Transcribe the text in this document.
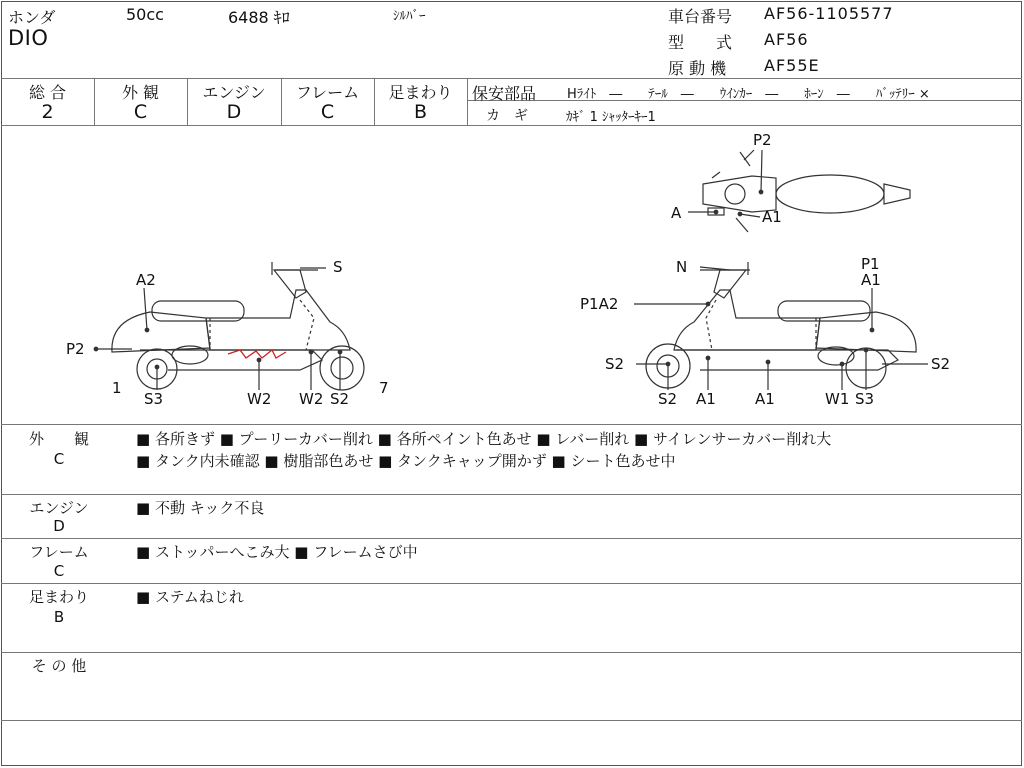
ホンダ	50cc	6488 ｷﾛ	ｼﾙﾊﾞｰ
DIO
車台番号 AF56-1105577
型　　式 AF56
原 動 機 AF55E
総 合
2
外 観
C
エンジン
D
フレーム
C
足まわり
B
保安部品 Hﾗｲﾄ　―　　ﾃｰﾙ　―　　ｳｲﾝｶｰ　―　　ﾎｰﾝ　―　　ﾊﾞｯﾃﾘｰ ×
カ　ギ	ｶｷﾞ 1 ｼｬｯﾀｰｷｰ1
S
A2
P2
1
S3	W2 W2 S2
7
P2
A	A1
N	P1
A1
P1A2
S2	S2
S2 A1	A1	W1 S3
外　　観
C
■ 各所きず ■ プーリーカバー削れ ■ 各所ペイント色あせ ■ レバー削れ ■ サイレンサーカバー削れ大
■ タンク内未確認 ■ 樹脂部色あせ ■ タンクキャップ開かず ■ シート色あせ中
エンジン
D
■ 不動 キック不良
フレーム
C
■ ストッパーへこみ大 ■ フレームさび中
足まわり
B
■ ステムねじれ
そ の 他
